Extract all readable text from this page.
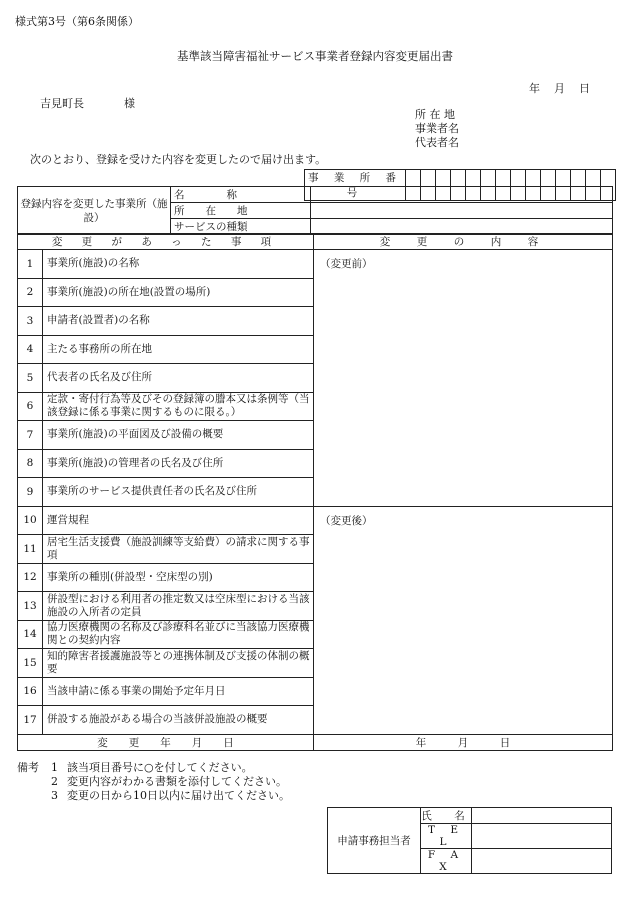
様式第3号（第6条関係）
基準該当障害福祉サービス事業者登録内容変更届出書
年 月 日
吉見町長	様
所 在 地
事業者名
代表者名
次のとおり、登録を受けた内容を変更したので届け出ます。
事 業 所 番 号														
登録内容を変更した事業所（施　設）	名　　　　称	
	所　　在　　地	
	サービスの種類	
変 更 が あ っ た 事 項		変　更　の　内　容
1	事業所(施設)の名称	（変更前）
2	事業所(施設)の所在地(設置の場所)	
3	申請者(設置者)の名称	
4	主たる事務所の所在地	
5	代表者の氏名及び住所	
6	定款・寄付行為等及びその登録簿の謄本又は条例等（当該登録に係る事業に関するものに限る。）	
7	事業所(施設)の平面図及び設備の概要	
8	事業所(施設)の管理者の氏名及び住所	
9	事業所のサービス提供責任者の氏名及び住所	
10	運営規程	（変更後）
11	居宅生活支援費（施設訓練等支給費）の請求に関する事項	
12	事業所の種別(併設型・空床型の別)	
13	併設型における利用者の推定数又は空床型における当該施設の入所者の定員	
14	協力医療機関の名称及び診療科名並びに当該協力医療機関との契約内容	
15	知的障害者援護施設等との連携体制及び支援の体制の概要	
16	当該申請に係る事業の開始予定年月日	
17	併設する施設がある場合の当該併設施設の概要	
変　　更　　年　　月　　日		年　　　月　　　日
備考 1 該当項目番号に○を付してください。
2 変更内容がわかる書類を添付してください。
3 変更の日から10日以内に届け出てください。
申請事務担当者	氏　名	
	T E L	
	F A X	
